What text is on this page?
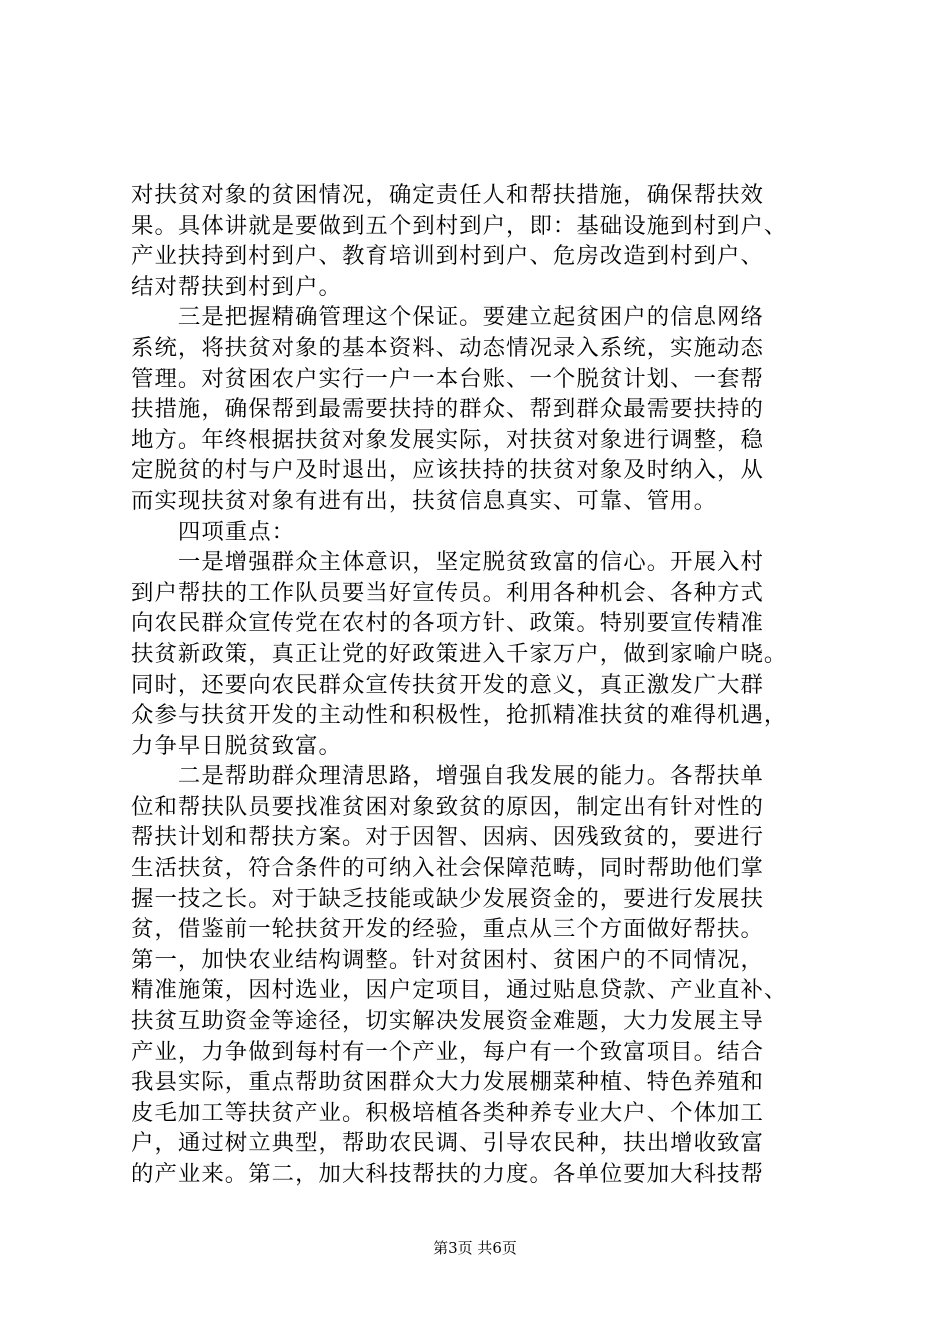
对扶贫对象的贫困情况，确定责任人和帮扶措施，确保帮扶效
果。具体讲就是要做到五个到村到户，即：基础设施到村到户、
产业扶持到村到户、教育培训到村到户、危房改造到村到户、
结对帮扶到村到户。
　　三是把握精确管理这个保证。要建立起贫困户的信息网络
系统，将扶贫对象的基本资料、动态情况录入系统，实施动态
管理。对贫困农户实行一户一本台账、一个脱贫计划、一套帮
扶措施，确保帮到最需要扶持的群众、帮到群众最需要扶持的
地方。年终根据扶贫对象发展实际，对扶贫对象进行调整，稳
定脱贫的村与户及时退出，应该扶持的扶贫对象及时纳入，从
而实现扶贫对象有进有出，扶贫信息真实、可靠、管用。
　　四项重点：
　　一是增强群众主体意识，坚定脱贫致富的信心。开展入村
到户帮扶的工作队员要当好宣传员。利用各种机会、各种方式
向农民群众宣传党在农村的各项方针、政策。特别要宣传精准
扶贫新政策，真正让党的好政策进入千家万户，做到家喻户晓。
同时，还要向农民群众宣传扶贫开发的意义，真正激发广大群
众参与扶贫开发的主动性和积极性，抢抓精准扶贫的难得机遇，
力争早日脱贫致富。
　　二是帮助群众理清思路，增强自我发展的能力。各帮扶单
位和帮扶队员要找准贫困对象致贫的原因，制定出有针对性的
帮扶计划和帮扶方案。对于因智、因病、因残致贫的，要进行
生活扶贫，符合条件的可纳入社会保障范畴，同时帮助他们掌
握一技之长。对于缺乏技能或缺少发展资金的，要进行发展扶
贫，借鉴前一轮扶贫开发的经验，重点从三个方面做好帮扶。
第一，加快农业结构调整。针对贫困村、贫困户的不同情况，
精准施策，因村选业，因户定项目，通过贴息贷款、产业直补、
扶贫互助资金等途径，切实解决发展资金难题，大力发展主导
产业，力争做到每村有一个产业，每户有一个致富项目。结合
我县实际，重点帮助贫困群众大力发展棚菜种植、特色养殖和
皮毛加工等扶贫产业。积极培植各类种养专业大户、个体加工
户，通过树立典型，帮助农民调、引导农民种，扶出增收致富
的产业来。第二，加大科技帮扶的力度。各单位要加大科技帮
第3页 共6页
